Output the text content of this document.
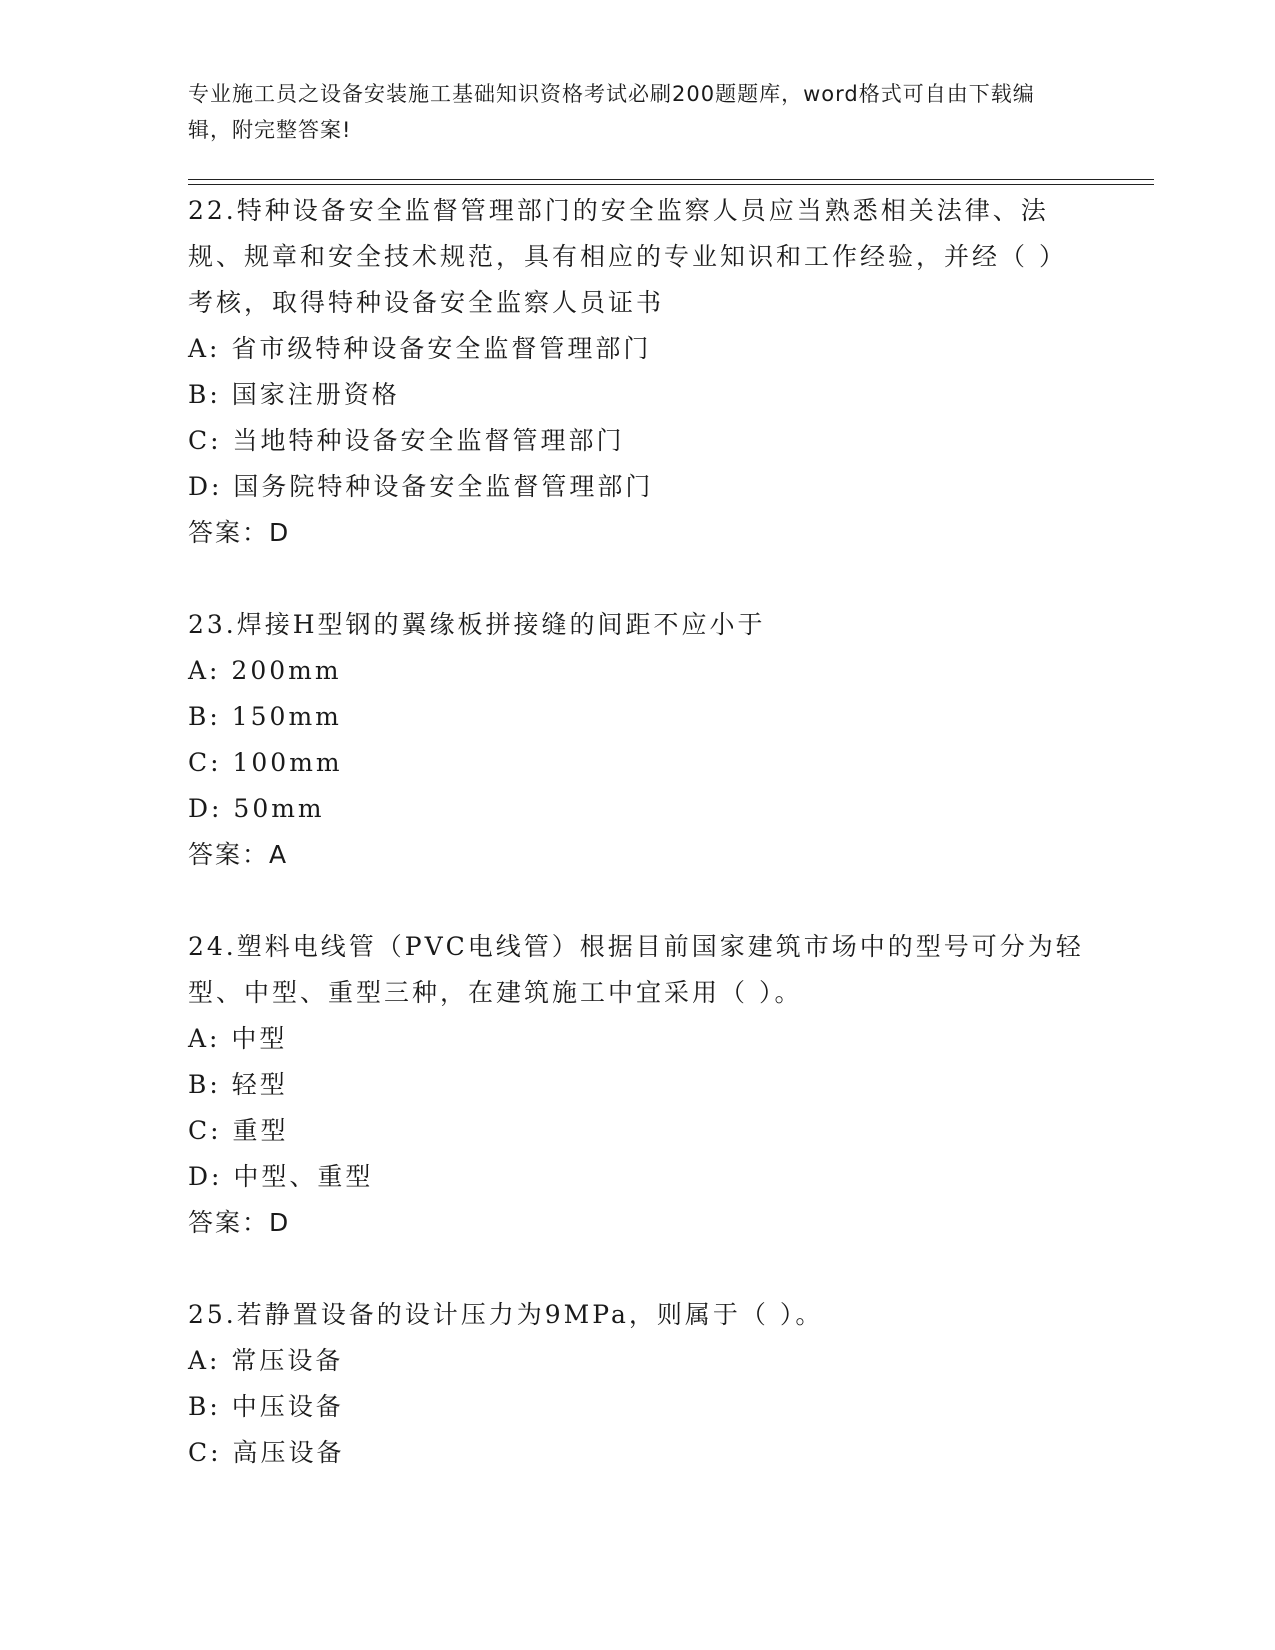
专业施工员之设备安装施工基础知识资格考试必刷200题题库，word格式可自由下载编辑，附完整答案!

22.特种设备安全监督管理部门的安全监察人员应当熟悉相关法律、法规、规章和安全技术规范，具有相应的专业知识和工作经验，并经（ ）考核，取得特种设备安全监察人员证书

A: 省市级特种设备安全监督管理部门

B: 国家注册资格

C: 当地特种设备安全监督管理部门

D: 国务院特种设备安全监督管理部门

答案：D

23.焊接H型钢的翼缘板拼接缝的间距不应小于

A: 200mm

B: 150mm

C: 100mm

D: 50mm

答案：A

24.塑料电线管（PVC电线管）根据目前国家建筑市场中的型号可分为轻型、中型、重型三种，在建筑施工中宜采用（ ）。

A: 中型

B: 轻型

C: 重型

D: 中型、重型

答案：D

25.若静置设备的设计压力为9MPa，则属于（ ）。

A: 常压设备

B: 中压设备

C: 高压设备
